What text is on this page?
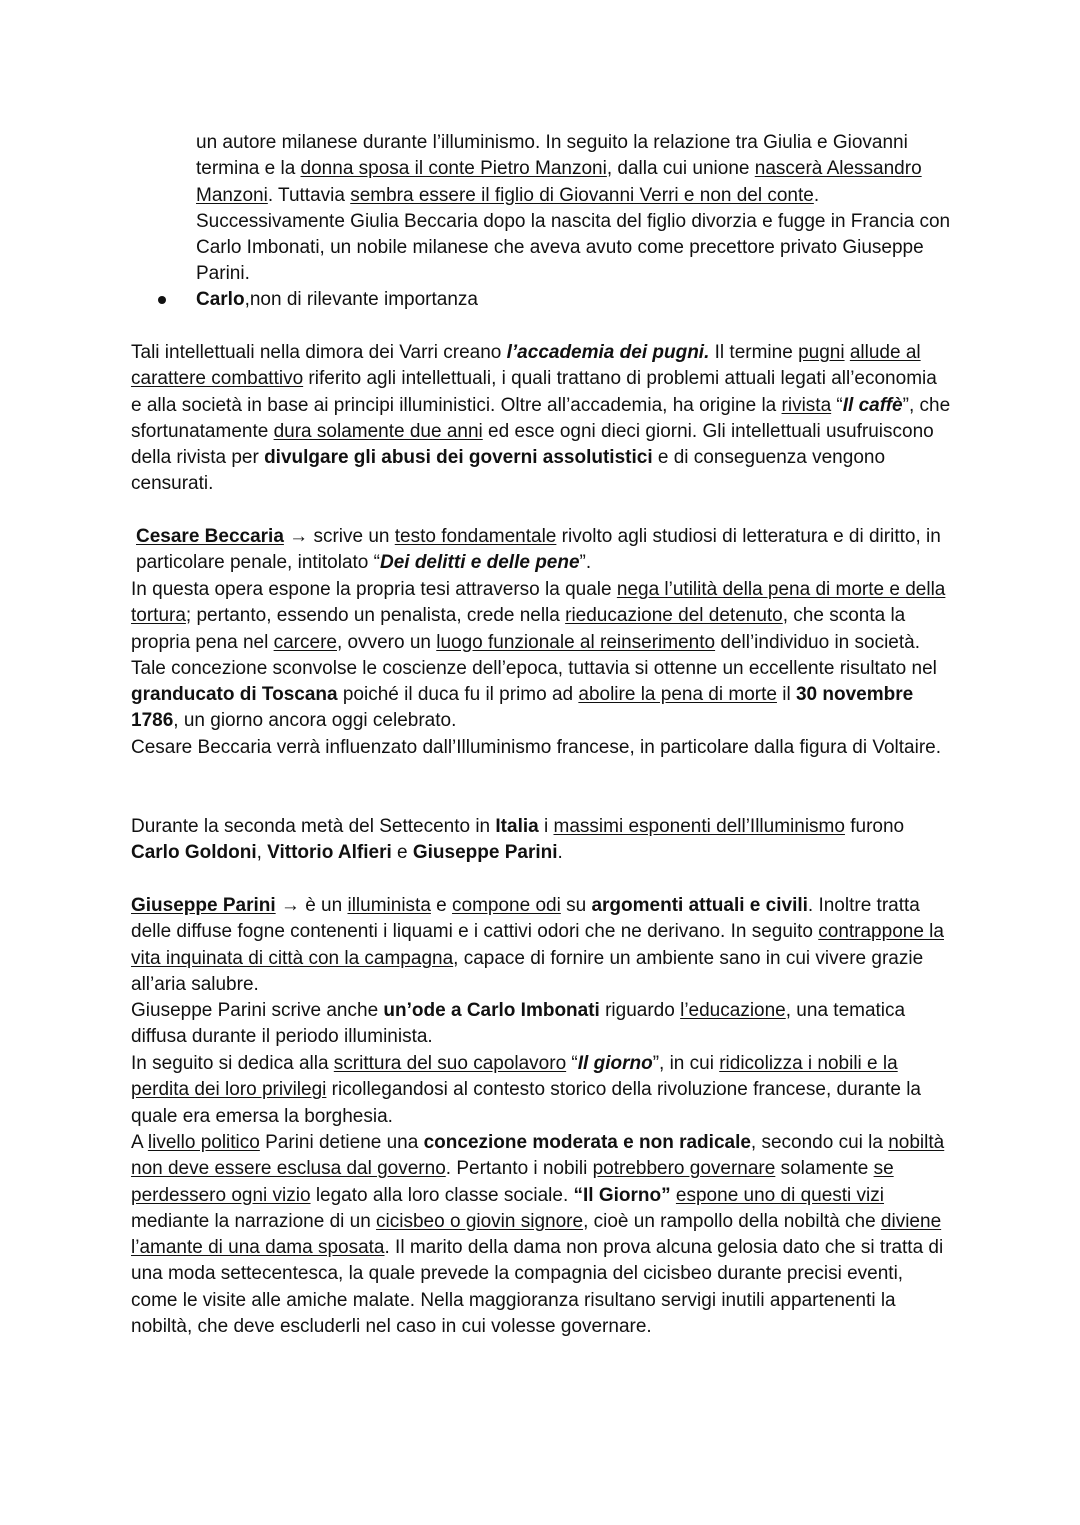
un autore milanese durante l’illuminismo. In seguito la relazione tra Giulia e Giovanni termina e la donna sposa il conte Pietro Manzoni, dalla cui unione nascerà Alessandro Manzoni. Tuttavia sembra essere il figlio di Giovanni Verri e non del conte. Successivamente Giulia Beccaria dopo la nascita del figlio divorzia e fugge in Francia con Carlo Imbonati, un nobile milanese che aveva avuto come precettore privato Giuseppe Parini.

Carlo,non di rilevante importanza

Tali intellettuali nella dimora dei Varri creano l’accademia dei pugni. Il termine pugni allude al carattere combattivo riferito agli intellettuali, i quali trattano di problemi attuali legati all’economia e alla società in base ai principi illuministici. Oltre all’accademia, ha origine la rivista “Il caffè”, che sfortunatamente dura solamente due anni ed esce ogni dieci giorni. Gli intellettuali usufruiscono della rivista per divulgare gli abusi dei governi assolutistici e di conseguenza vengono censurati.

Cesare Beccaria → scrive un testo fondamentale rivolto agli studiosi di letteratura e di diritto, in particolare penale, intitolato “Dei delitti e delle pene”.

In questa opera espone la propria tesi attraverso la quale nega l’utilità della pena di morte e della tortura; pertanto, essendo un penalista, crede nella rieducazione del detenuto, che sconta la propria pena nel carcere, ovvero un luogo funzionale al reinserimento dell’individuo in società. Tale concezione sconvolse le coscienze dell’epoca, tuttavia si ottenne un eccellente risultato nel granducato di Toscana poiché il duca fu il primo ad abolire la pena di morte il 30 novembre 1786, un giorno ancora oggi celebrato.

Cesare Beccaria verrà influenzato dall’Illuminismo francese, in particolare dalla figura di Voltaire.

Durante la seconda metà del Settecento in Italia i massimi esponenti dell’Illuminismo furono Carlo Goldoni, Vittorio Alfieri e Giuseppe Parini.

Giuseppe Parini → è un illuminista e compone odi su argomenti attuali e civili. Inoltre tratta delle diffuse fogne contenenti i liquami e i cattivi odori che ne derivano. In seguito contrappone la vita inquinata di città con la campagna, capace di fornire un ambiente sano in cui vivere grazie all’aria salubre.

Giuseppe Parini scrive anche un’ode a Carlo Imbonati riguardo l’educazione, una tematica diffusa durante il periodo illuminista.

In seguito si dedica alla scrittura del suo capolavoro “Il giorno”, in cui ridicolizza i nobili e la perdita dei loro privilegi ricollegandosi al contesto storico della rivoluzione francese, durante la quale era emersa la borghesia.

A livello politico Parini detiene una concezione moderata e non radicale, secondo cui la nobiltà non deve essere esclusa dal governo. Pertanto i nobili potrebbero governare solamente se perdessero ogni vizio legato alla loro classe sociale. “Il Giorno” espone uno di questi vizi mediante la narrazione di un cicisbeo o giovin signore, cioè un rampollo della nobiltà che diviene l’amante di una dama sposata. Il marito della dama non prova alcuna gelosia dato che si tratta di una moda settecentesca, la quale prevede la compagnia del cicisbeo durante precisi eventi, come le visite alle amiche malate. Nella maggioranza risultano servigi inutili appartenenti la nobiltà, che deve escluderli nel caso in cui volesse governare.
